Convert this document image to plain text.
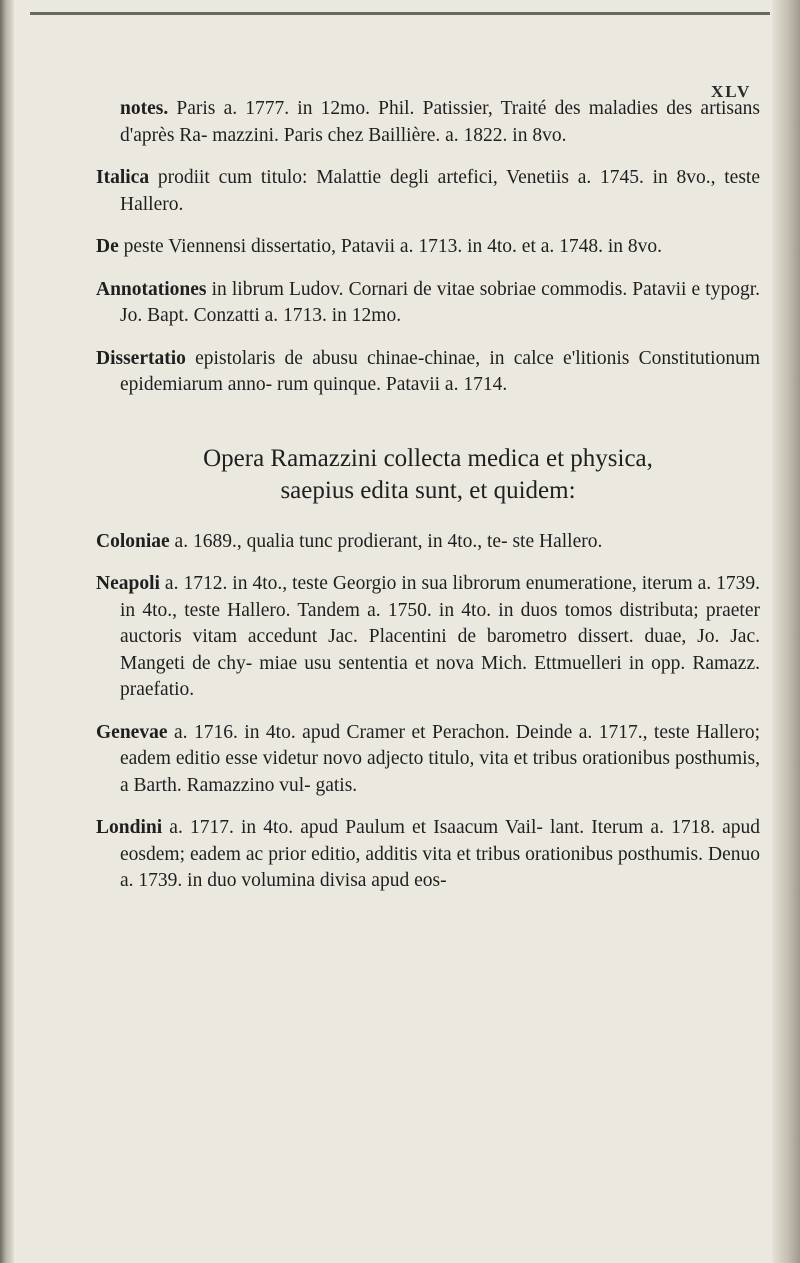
XLV

notes. Paris a. 1777. in 12mo. Phil. Patissier, Traité des maladies des artisans d'après Ra- mazzini. Paris chez Baillière. a. 1822. in 8vo.

Italica prodiit cum titulo: Malattie degli artefici, Venetiis a. 1745. in 8vo., teste Hallero.

De peste Viennensi dissertatio, Patavii a. 1713. in 4to. et a. 1748. in 8vo.

Annotationes in librum Ludov. Cornari de vitae sobriae commodis. Patavii e typogr. Jo. Bapt. Conzatti a. 1713. in 12mo.

Dissertatio epistolaris de abusu chinae-chinae, in calce e'litionis Constitutionum epidemiarum anno- rum quinque. Patavii a. 1714.

Opera Ramazzini collecta medica et physica,
saepius edita sunt, et quidem:

Coloniae a. 1689., qualia tunc prodierant, in 4to., te- ste Hallero.

Neapoli a. 1712. in 4to., teste Georgio in sua librorum enumeratione, iterum a. 1739. in 4to., teste Hallero. Tandem a. 1750. in 4to. in duos tomos distributa; praeter auctoris vitam accedunt Jac. Placentini de barometro dissert. duae, Jo. Jac. Mangeti de chy- miae usu sententia et nova Mich. Ettmuelleri in opp. Ramazz. praefatio.

Genevae a. 1716. in 4to. apud Cramer et Perachon. Deinde a. 1717., teste Hallero; eadem editio esse videtur novo adjecto titulo, vita et tribus orationibus posthumis, a Barth. Ramazzino vul- gatis.

Londini a. 1717. in 4to. apud Paulum et Isaacum Vail- lant. Iterum a. 1718. apud eosdem; eadem ac prior editio, additis vita et tribus orationibus posthumis. Denuo a. 1739. in duo volumina divisa apud eos-
